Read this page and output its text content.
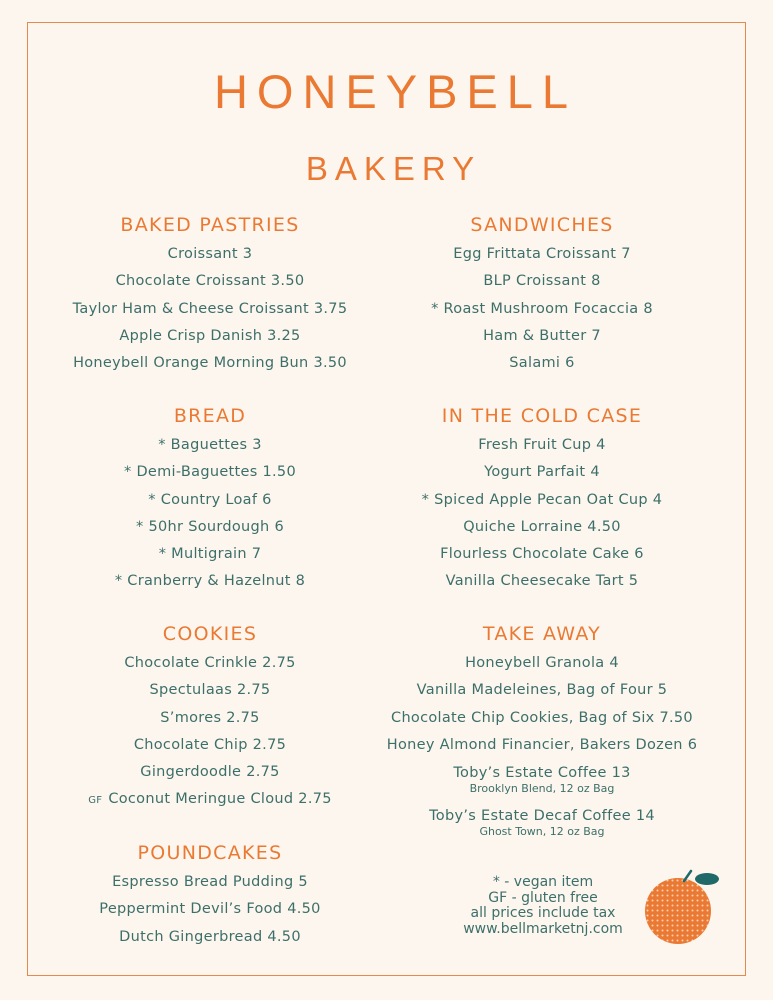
HONEYBELL
BAKERY
BAKED PASTRIES
Croissant 3
Chocolate Croissant 3.50
Taylor Ham & Cheese Croissant 3.75
Apple Crisp Danish 3.25
Honeybell Orange Morning Bun 3.50
SANDWICHES
Egg Frittata Croissant 7
BLP Croissant 8
* Roast Mushroom Focaccia 8
Ham & Butter 7
Salami 6
BREAD
* Baguettes 3
* Demi-Baguettes 1.50
* Country Loaf 6
* 50hr Sourdough 6
* Multigrain 7
* Cranberry & Hazelnut 8
IN THE COLD CASE
Fresh Fruit Cup 4
Yogurt Parfait 4
* Spiced Apple Pecan Oat Cup 4
Quiche Lorraine 4.50
Flourless Chocolate Cake 6
Vanilla Cheesecake Tart 5
COOKIES
Chocolate Crinkle 2.75
Spectulaas 2.75
S’mores 2.75
Chocolate Chip 2.75
Gingerdoodle 2.75
GF Coconut Meringue Cloud 2.75
TAKE AWAY
Honeybell Granola 4
Vanilla Madeleines, Bag of Four 5
Chocolate Chip Cookies, Bag of Six 7.50
Honey Almond Financier, Bakers Dozen 6
Toby’s Estate Coffee 13
Brooklyn Blend, 12 oz Bag
Toby’s Estate Decaf Coffee 14
Ghost Town, 12 oz Bag
POUNDCAKES
Espresso Bread Pudding 5
Peppermint Devil’s Food 4.50
Dutch Gingerbread 4.50
* - vegan item
GF - gluten free
all prices include tax
www.bellmarketnj.com
